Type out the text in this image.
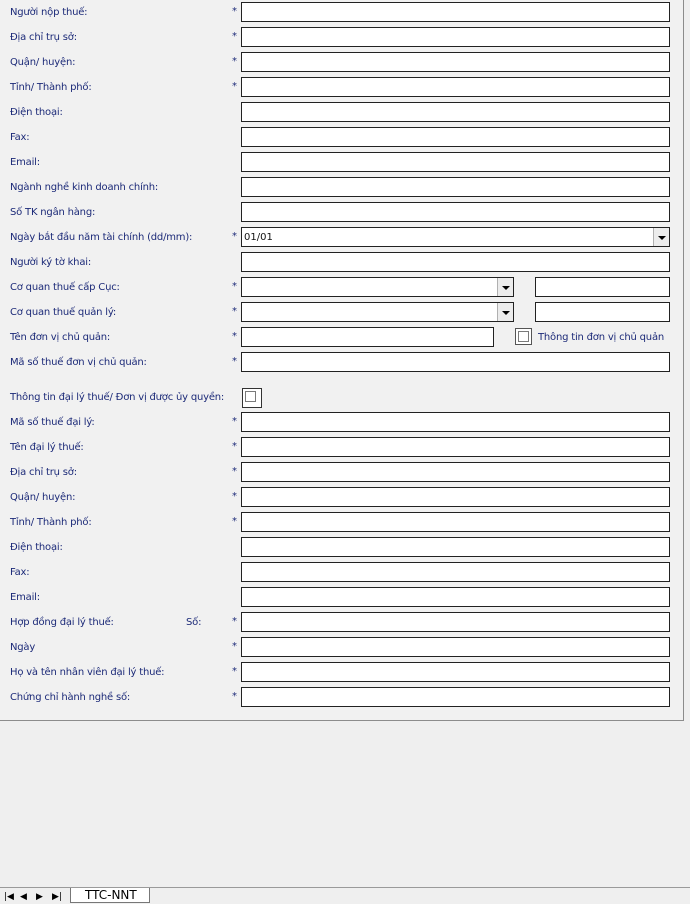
Người nộp thuế:	*
Địa chỉ trụ sở:	*
Quận/ huyện:	*
Tỉnh/ Thành phố:	*
Điện thoại:
Fax:
Email:
Ngành nghề kinh doanh chính:
Số TK ngân hàng:
Ngày bắt đầu năm tài chính (dd/mm):	* 01/01
Người ký tờ khai:
Cơ quan thuế cấp Cục:	*
Cơ quan thuế quản lý:	*
Tên đơn vị chủ quản:	*	Thông tin đơn vị chủ quản
Mã số thuế đơn vị chủ quản:	*
Thông tin đại lý thuế/ Đơn vị được ủy quyền:
Mã số thuế đại lý:	*
Tên đại lý thuế:	*
Địa chỉ trụ sở:	*
Quận/ huyện:	*
Tỉnh/ Thành phố:	*
Điện thoại:
Fax:
Email:
Hợp đồng đại lý thuế:	Số:	*
Ngày	*
Họ và tên nhân viên đại lý thuế:	*
Chứng chỉ hành nghề số:	*
|◀ ◀ ▶ ▶|	TTC-NNT
